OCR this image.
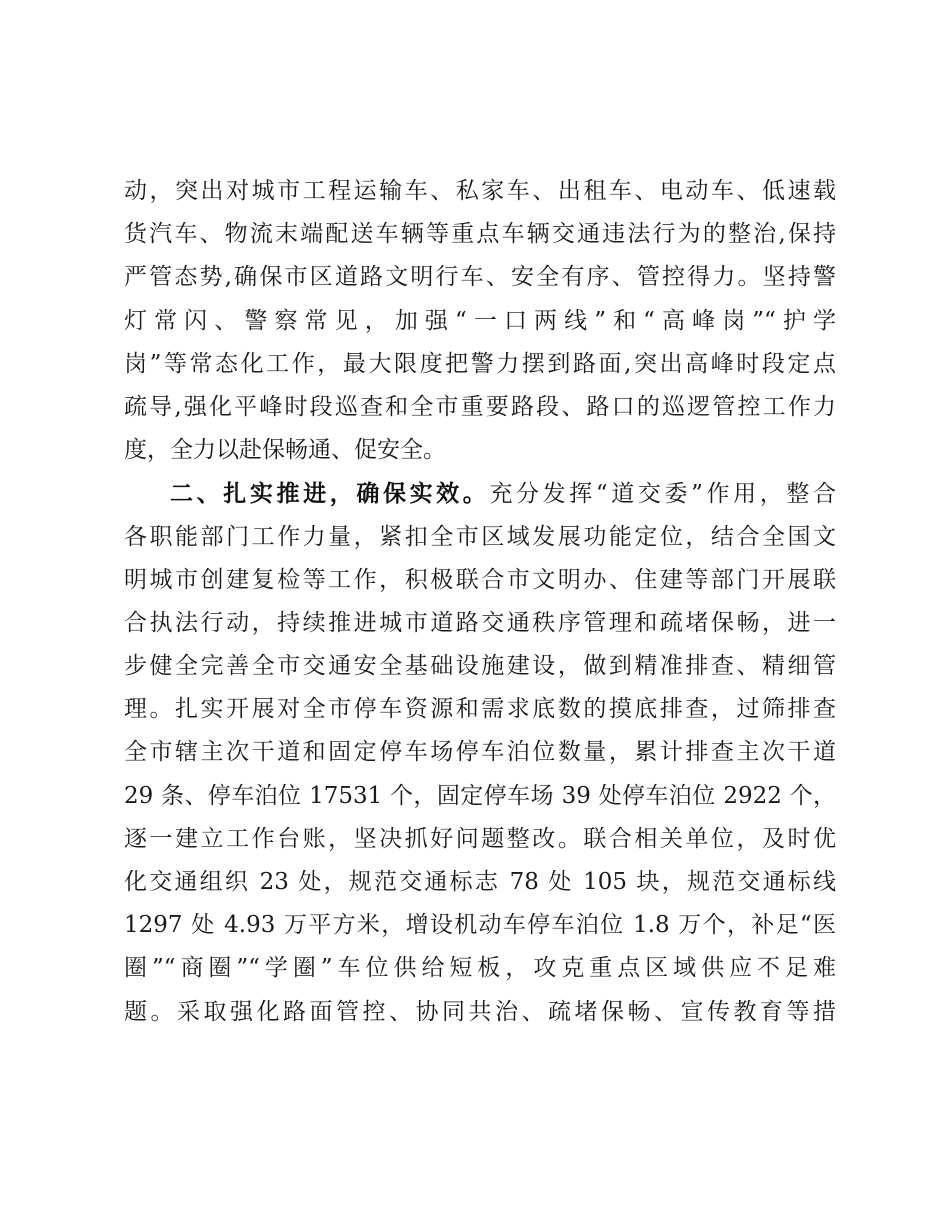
动，突出对城市工程运输车、私家车、出租车、电动车、低速载
货汽车、物流末端配送车辆等重点车辆交通违法行为的整治,保持
严管态势,确保市区道路文明行车、安全有序、管控得力。坚持警
灯常闪、警察常见，加强“一口两线”和“高峰岗”“护学
岗”等常态化工作，最大限度把警力摆到路面,突出高峰时段定点
疏导,强化平峰时段巡查和全市重要路段、路口的巡逻管控工作力
度，全力以赴保畅通、促安全。
二、扎实推进，确保实效。充分发挥“道交委”作用，整合
各职能部门工作力量，紧扣全市区域发展功能定位，结合全国文
明城市创建复检等工作，积极联合市文明办、住建等部门开展联
合执法行动，持续推进城市道路交通秩序管理和疏堵保畅，进一
步健全完善全市交通安全基础设施建设，做到精准排查、精细管
理。扎实开展对全市停车资源和需求底数的摸底排查，过筛排查
全市辖主次干道和固定停车场停车泊位数量，累计排查主次干道
29 条、停车泊位 17531 个，固定停车场 39 处停车泊位 2922 个，
逐一建立工作台账，坚决抓好问题整改。联合相关单位，及时优
化交通组织 23 处，规范交通标志 78 处 105 块，规范交通标线
1297 处 4.93 万平方米，增设机动车停车泊位 1.8 万个，补足“医
圈”“商圈”“学圈”车位供给短板，攻克重点区域供应不足难
题。采取强化路面管控、协同共治、疏堵保畅、宣传教育等措
